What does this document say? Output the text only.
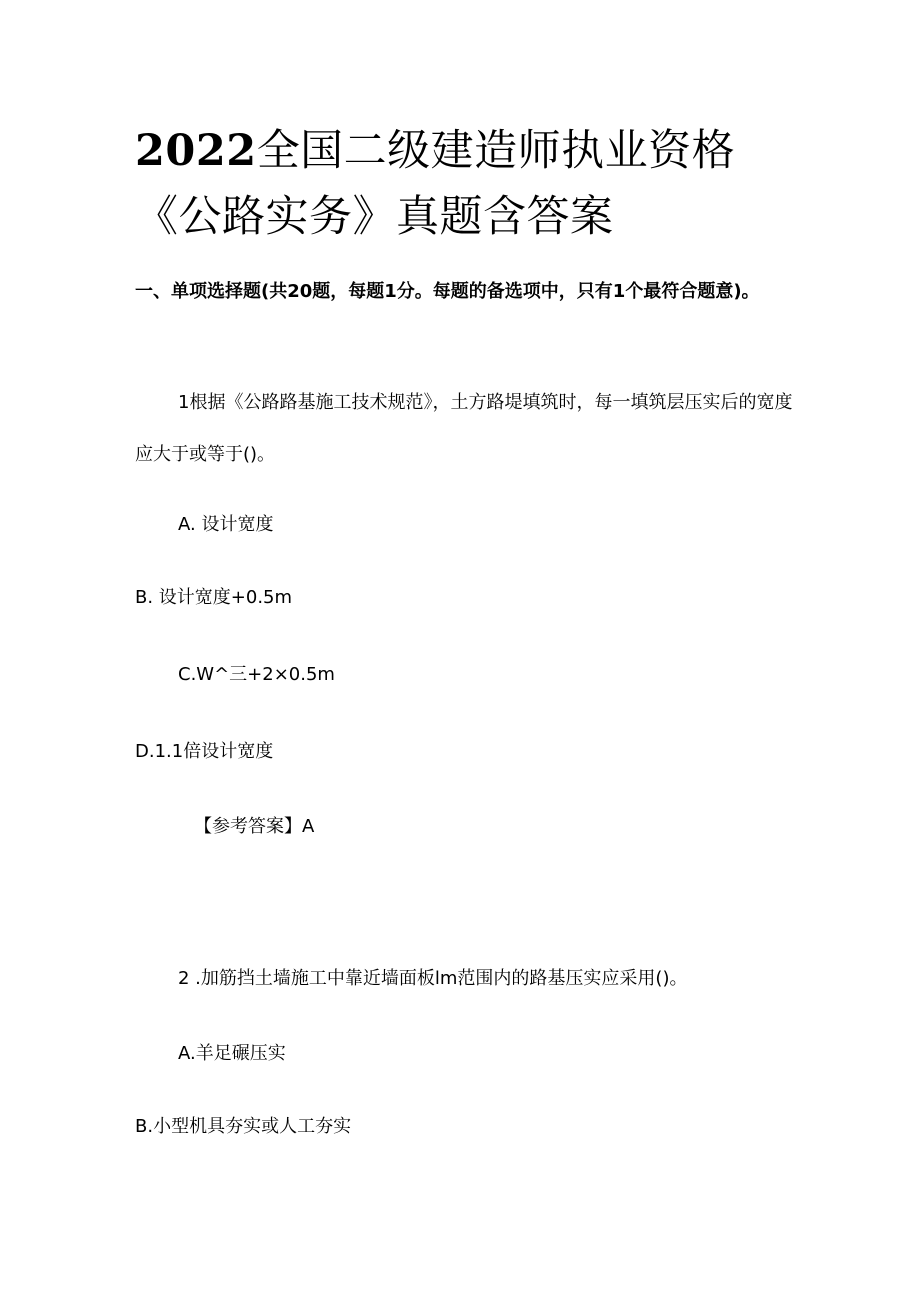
2022全国二级建造师执业资格《公路实务》真题含答案

一、单项选择题(共20题，每题1分。每题的备选项中，只有1个最符合题意)。

1根据《公路路基施工技术规范》，土方路堤填筑时，每一填筑层压实后的宽度应大于或等于()。

A. 设计宽度

B. 设计宽度+0.5m

C.W^三+2×0.5m

D.1.1倍设计宽度

【参考答案】A

2 .加筋挡土墙施工中靠近墙面板lm范围内的路基压实应采用()。

A.羊足碾压实

B.小型机具夯实或人工夯实
